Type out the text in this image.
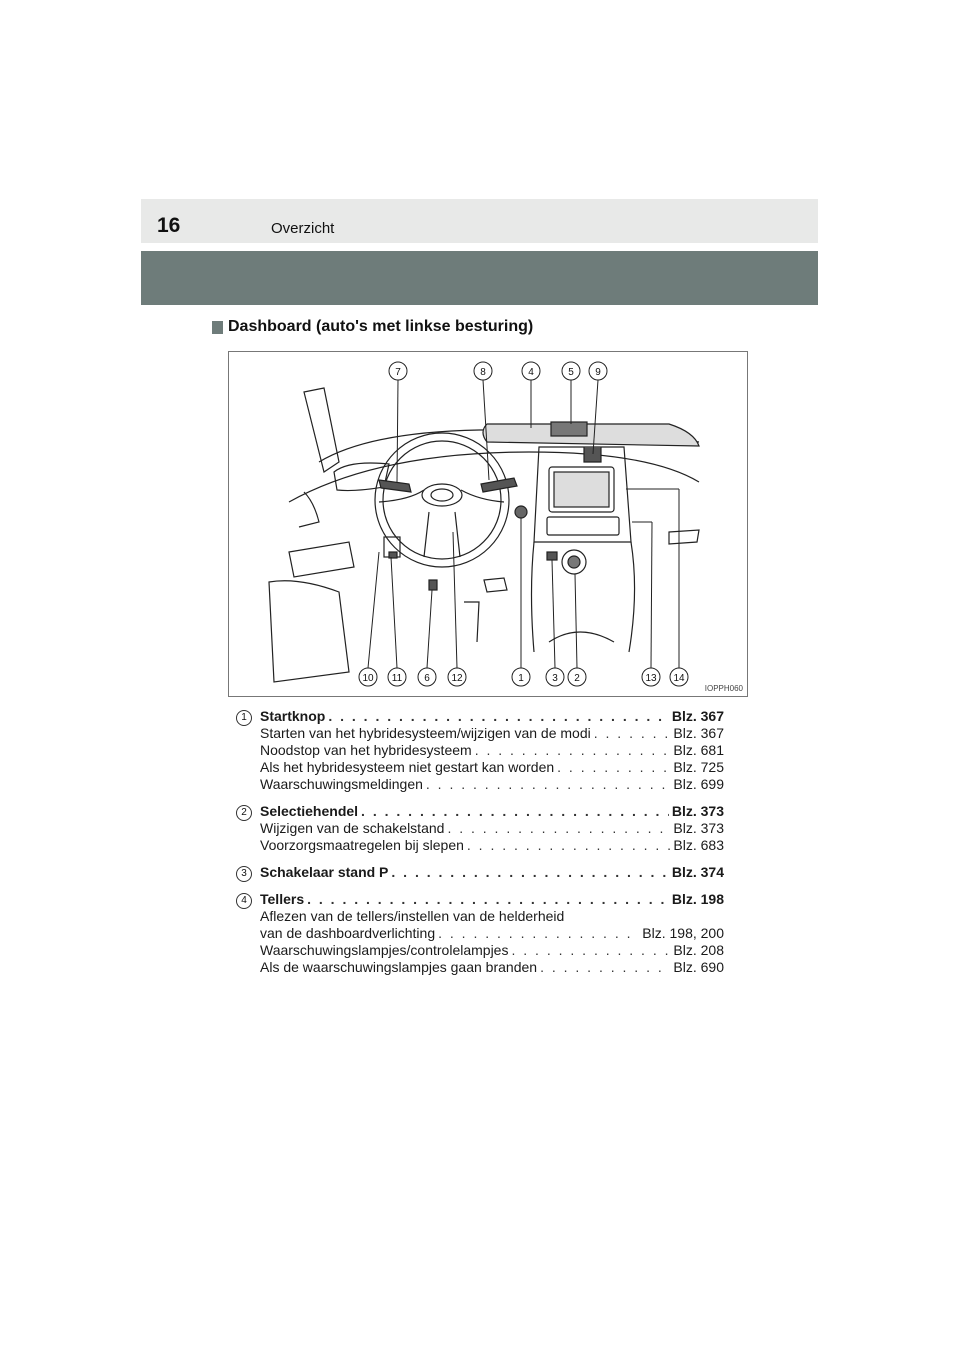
16	Overzicht
Dashboard (auto's met linkse besturing)
7	8	4	5 9
10 11 6 12	1	3 2	13 14
IOPPH060
1 Startknop . . .	Blz. 367
Starten van het hybridesysteem/wijzigen van de modi . . .	Blz. 367
Noodstop van het hybridesysteem . . .	Blz. 681
Als het hybridesysteem niet gestart kan worden . . .	Blz. 725
Waarschuwingsmeldingen . . .	Blz. 699
2 Selectiehendel . . .	Blz. 373
Wijzigen van de schakelstand . . .	Blz. 373
Voorzorgsmaatregelen bij slepen . . .	Blz. 683
3 Schakelaar stand P . . .	Blz. 374
4 Tellers . . .	Blz. 198
Aflezen van de tellers/instellen van de helderheid
van de dashboardverlichting . . .	Blz. 198, 200
Waarschuwingslampjes/controlelampjes . . .	Blz. 208
Als de waarschuwingslampjes gaan branden . . .	Blz. 690
